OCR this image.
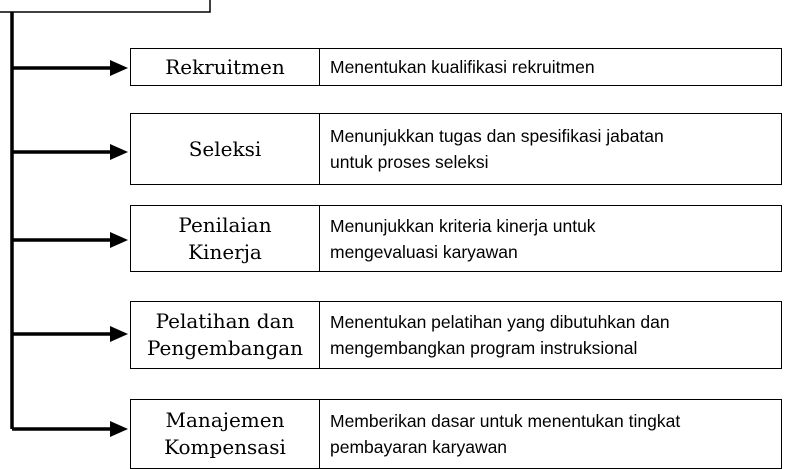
Rekruitmen	Menentukan kualifikasi rekruitmen
Seleksi
Menunjukkan tugas dan spesifikasi jabatan
untuk proses seleksi
Penilaian
Kinerja
Menunjukkan kriteria kinerja untuk
mengevaluasi karyawan
Pelatihan dan
Pengembangan
Menentukan pelatihan yang dibutuhkan dan
mengembangkan program instruksional
Manajemen
Kompensasi
Memberikan dasar untuk menentukan tingkat
pembayaran karyawan
